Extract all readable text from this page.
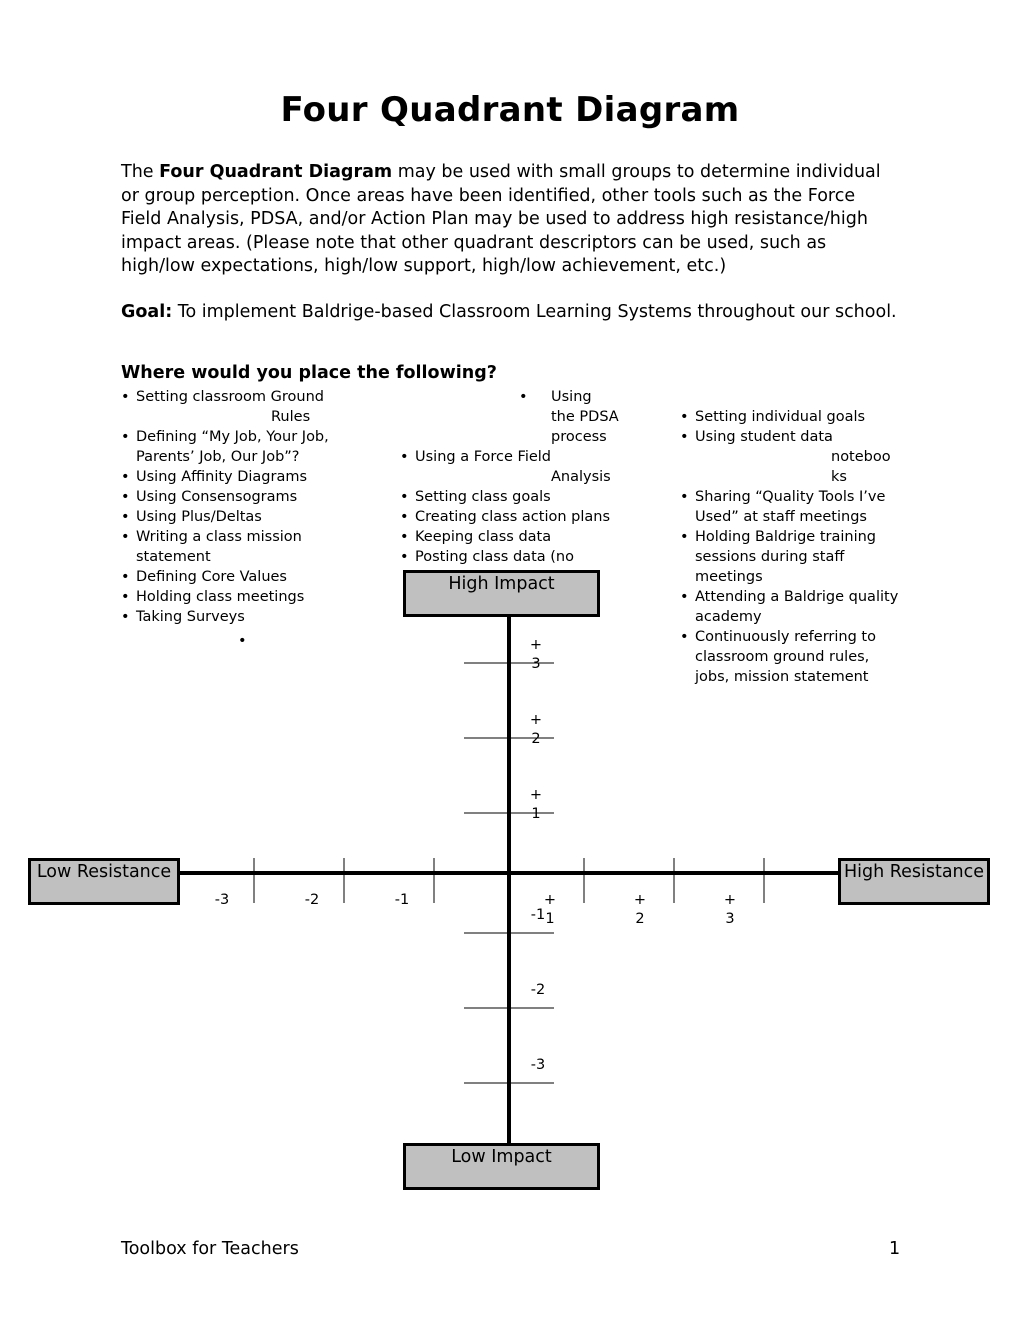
Four Quadrant Diagram

The Four Quadrant Diagram may be used with small groups to determine individual or group perception. Once areas have been identified, other tools such as the Force Field Analysis, PDSA, and/or Action Plan may be used to address high resistance/high impact areas. (Please note that other quadrant descriptors can be used, such as high/low expectations, high/low support, high/low achievement, etc.)

Goal: To implement Baldrige-based Classroom Learning Systems throughout our school.

Where would you place the following?

• Setting classroom Ground
Rules
• Defining “My Job, Your Job, Parents’ Job, Our Job”?
• Using Affinity Diagrams
• Using Consensograms
• Using Plus/Deltas
• Writing a class mission statement
• Defining Core Values
• Holding class meetings
• Taking Surveys
•
• Using
the PDSA
process
• Using a Force Field
Analysis
• Setting class goals
• Creating class action plans
• Keeping class data
• Posting class data (no
• Setting individual goals
• Using student data
noteboo
ks
• Sharing “Quality Tools I’ve Used” at staff meetings
• Holding Baldrige training sessions during staff meetings
• Attending a Baldrige quality academy
• Continuously referring to classroom ground rules, jobs, mission statement
High Impact
Low Impact
Low Resistance	High Resistance
+
3
+
2
+
1
-1
-2
-3
-3	-2	-1	+
1
+
2
+
3
Toolbox for Teachers	1
